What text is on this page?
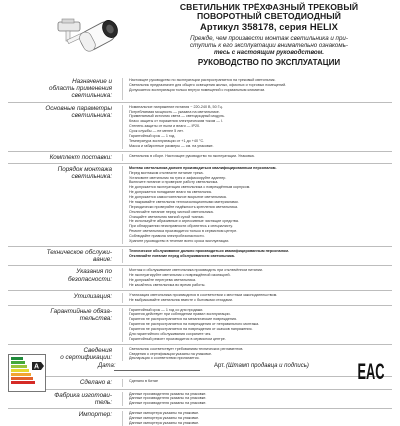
СВЕТИЛЬНИК ТРЁХФАЗНЫЙ ТРЕКОВЫЙ
ПОВОРОТНЫЙ СВЕТОДИОДНЫЙ
Артикул 358178, серия HELIX
Прежде, чем произвести монтаж светильника и при-
ступить к его эксплуатации внимательно ознакомь-
тесь с настоящим руководством.
РУКОВОДСТВО ПО ЭКСПЛУАТАЦИИ
Назначение и
область применения
светильника:
Настоящее руководство по эксплуатации распространяется на трековый светильник.
Светильник предназначен для общего освещения жилых, офисных и торговых помещений.
Допускается эксплуатация только внутри помещений с нормальным климатом.
Основные параметры
светильника:
Номинальное напряжение питания ~ 220-240 В, 50 Гц.
Потребляемая мощность — указана на светильнике.
Применяемый источник света — светодиодный модуль.
Класс защиты от поражения электрическим током — I.
Степень защиты от пыли и влаги — IP20.
Срок службы — не менее 5 лет.
Гарантийный срок — 1 год.
Температура эксплуатации от +1 до +40 °C.
Масса и габаритные размеры — см. на упаковке.
Комплект поставки:	Светильник в сборе. Настоящее руководство по эксплуатации. Упаковка.
Порядок монтажа
светильника:
Монтаж светильника должен производиться квалифицированным персоналом.
Перед монтажом отключите питание трека.
Установите светильник на трек и зафиксируйте адаптер.
Включите питание и проверьте работу светильника.
Не допускается эксплуатация светильника с повреждённым корпусом.
Не допускается попадание влаги на светильник.
Не допускается самостоятельное вскрытие светильника.
Не накрывайте светильник теплоизоляционными материалами.
Периодически проверяйте надёжность крепления светильника.
Отключайте питание перед чисткой светильника.
Очищайте светильник мягкой сухой тканью.
Не используйте абразивные и агрессивные чистящие средства.
При обнаружении неисправности обратитесь к специалисту.
Ремонт светильника производится только в сервисном центре.
Соблюдайте правила электробезопасности.
Храните руководство в течение всего срока эксплуатации.
Техническое обслужи-
вание:
Техническое обслуживание должно производиться квалифицированным персоналом.
Отключайте питание перед обслуживанием светильника.
Указания по
безопасности:
Монтаж и обслуживание светильника производить при отключённом питании.
Не эксплуатируйте светильник с повреждённой изоляцией.
Не допускайте перегрева светильника.
Не касайтесь светильника во время работы.
Утилизация:	Утилизация светильника производится в соответствии с местным законодательством.
Не выбрасывайте светильник вместе с бытовыми отходами.
Гарантийные обяза-
тельства:
Гарантийный срок — 1 год со дня продажи.
Гарантия действует при соблюдении правил эксплуатации.
Гарантия не распространяется на механические повреждения.
Гарантия не распространяется на повреждения от неправильного монтажа.
Гарантия не распространяется на повреждения от скачков напряжения.
Для гарантийного обслуживания сохраните чек.
Гарантийный ремонт производится в сервисном центре.
Сведения
о сертификации:
Светильник соответствует требованиям технических регламентов.
Сведения о сертификации указаны на упаковке.
Декларация о соответствии прилагается.
Сделано в:	Сделано в Китае
Фабрика изготови-
тель:
Данные производителя указаны на упаковке.
Данные производителя указаны на упаковке.
Данные производителя указаны на упаковке.
Импортер:	Данные импортера указаны на упаковке.
Данные импортера указаны на упаковке.
Данные импортера указаны на упаковке.
Дата:	Арт. (Штамп продавца и подпись)
A	EAC
